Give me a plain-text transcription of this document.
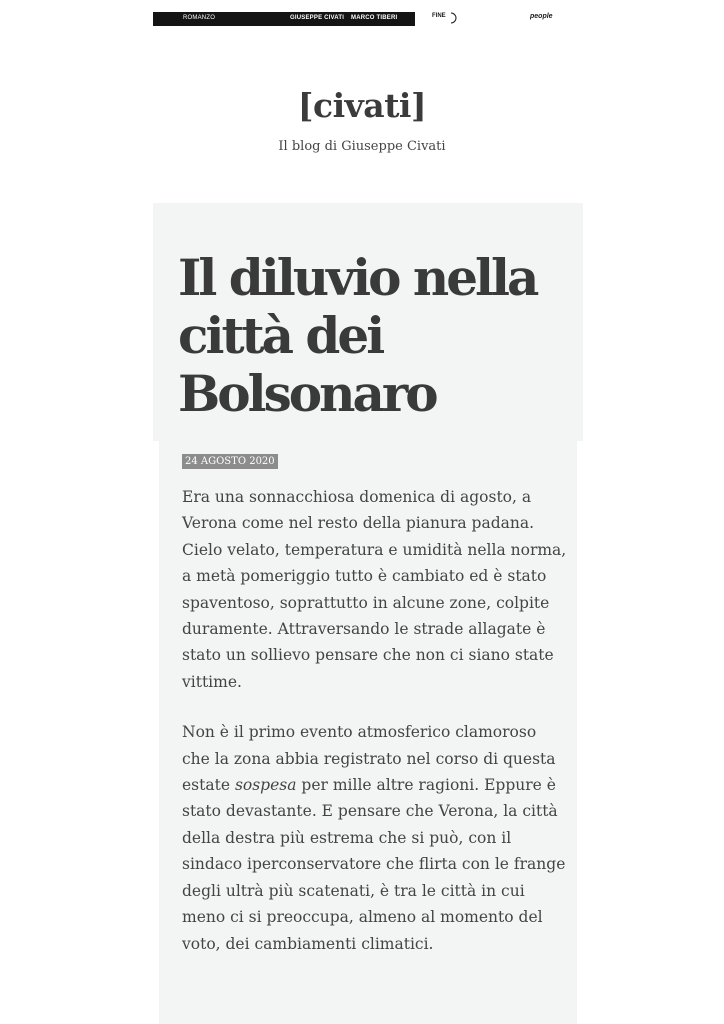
ROMANZO	GIUSEPPE CIVATI MARCO TIBERI	FINE	people
[civati]
Il blog di Giuseppe Civati
Il diluvio nella città dei Bolsonaro
24 AGOSTO 2020

Era una sonnacchiosa domenica di agosto, a Verona come nel resto della pianura padana. Cielo velato, temperatura e umidità nella norma, a metà pomeriggio tutto è cambiato ed è stato spaventoso, soprattutto in alcune zone, colpite duramente. Attraversando le strade allagate è stato un sollievo pensare che non ci siano state vittime.

Non è il primo evento atmosferico clamoroso che la zona abbia registrato nel corso di questa estate sospesa per mille altre ragioni. Eppure è stato devastante. E pensare che Verona, la città della destra più estrema che si può, con il sindaco iperconservatore che flirta con le frange degli ultrà più scatenati, è tra le città in cui meno ci si preoccupa, almeno al momento del voto, dei cambiamenti climatici.
